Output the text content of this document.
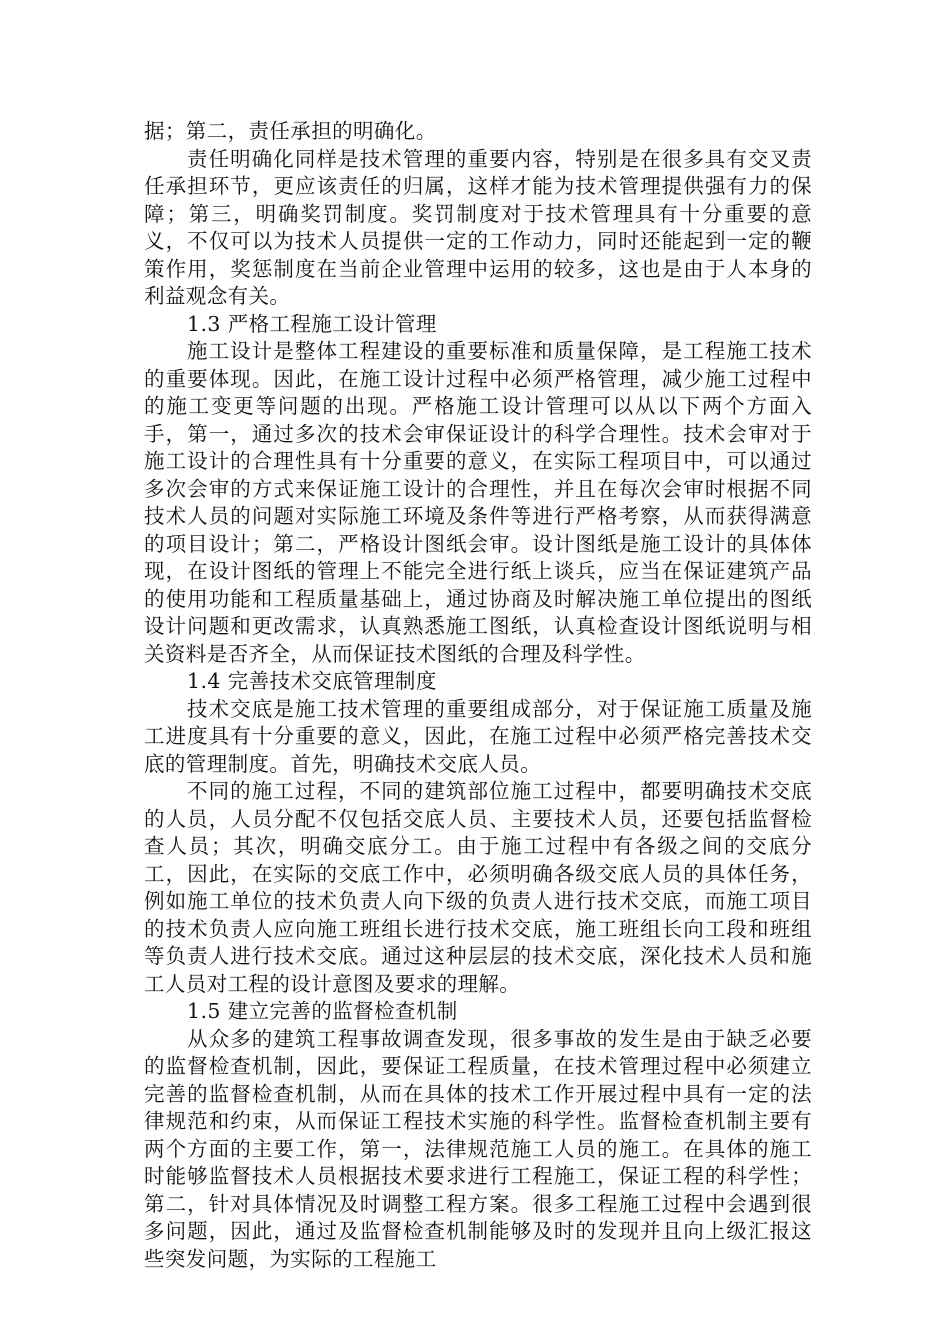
据；第二，责任承担的明确化。

责任明确化同样是技术管理的重要内容，特别是在很多具有交叉责任承担环节，更应该责任的归属，这样才能为技术管理提供强有力的保障；第三，明确奖罚制度。奖罚制度对于技术管理具有十分重要的意义，不仅可以为技术人员提供一定的工作动力，同时还能起到一定的鞭策作用，奖惩制度在当前企业管理中运用的较多，这也是由于人本身的利益观念有关。

1.3 严格工程施工设计管理

施工设计是整体工程建设的重要标准和质量保障，是工程施工技术的重要体现。因此，在施工设计过程中必须严格管理，减少施工过程中的施工变更等问题的出现。严格施工设计管理可以从以下两个方面入手，第一，通过多次的技术会审保证设计的科学合理性。技术会审对于施工设计的合理性具有十分重要的意义，在实际工程项目中，可以通过多次会审的方式来保证施工设计的合理性，并且在每次会审时根据不同技术人员的问题对实际施工环境及条件等进行严格考察，从而获得满意的项目设计；第二，严格设计图纸会审。设计图纸是施工设计的具体体现，在设计图纸的管理上不能完全进行纸上谈兵，应当在保证建筑产品的使用功能和工程质量基础上，通过协商及时解决施工单位提出的图纸设计问题和更改需求，认真熟悉施工图纸，认真检查设计图纸说明与相关资料是否齐全，从而保证技术图纸的合理及科学性。

1.4 完善技术交底管理制度

技术交底是施工技术管理的重要组成部分，对于保证施工质量及施工进度具有十分重要的意义，因此，在施工过程中必须严格完善技术交底的管理制度。首先，明确技术交底人员。

不同的施工过程，不同的建筑部位施工过程中，都要明确技术交底的人员，人员分配不仅包括交底人员、主要技术人员，还要包括监督检查人员；其次，明确交底分工。由于施工过程中有各级之间的交底分工，因此，在实际的交底工作中，必须明确各级交底人员的具体任务，例如施工单位的技术负责人向下级的负责人进行技术交底，而施工项目的技术负责人应向施工班组长进行技术交底，施工班组长向工段和班组等负责人进行技术交底。通过这种层层的技术交底，深化技术人员和施工人员对工程的设计意图及要求的理解。

1.5 建立完善的监督检查机制

从众多的建筑工程事故调查发现，很多事故的发生是由于缺乏必要的监督检查机制，因此，要保证工程质量，在技术管理过程中必须建立完善的监督检查机制，从而在具体的技术工作开展过程中具有一定的法律规范和约束，从而保证工程技术实施的科学性。监督检查机制主要有两个方面的主要工作，第一，法律规范施工人员的施工。在具体的施工时能够监督技术人员根据技术要求进行工程施工，保证工程的科学性；第二，针对具体情况及时调整工程方案。很多工程施工过程中会遇到很多问题，因此，通过及监督检查机制能够及时的发现并且向上级汇报这些突发问题，为实际的工程施工
